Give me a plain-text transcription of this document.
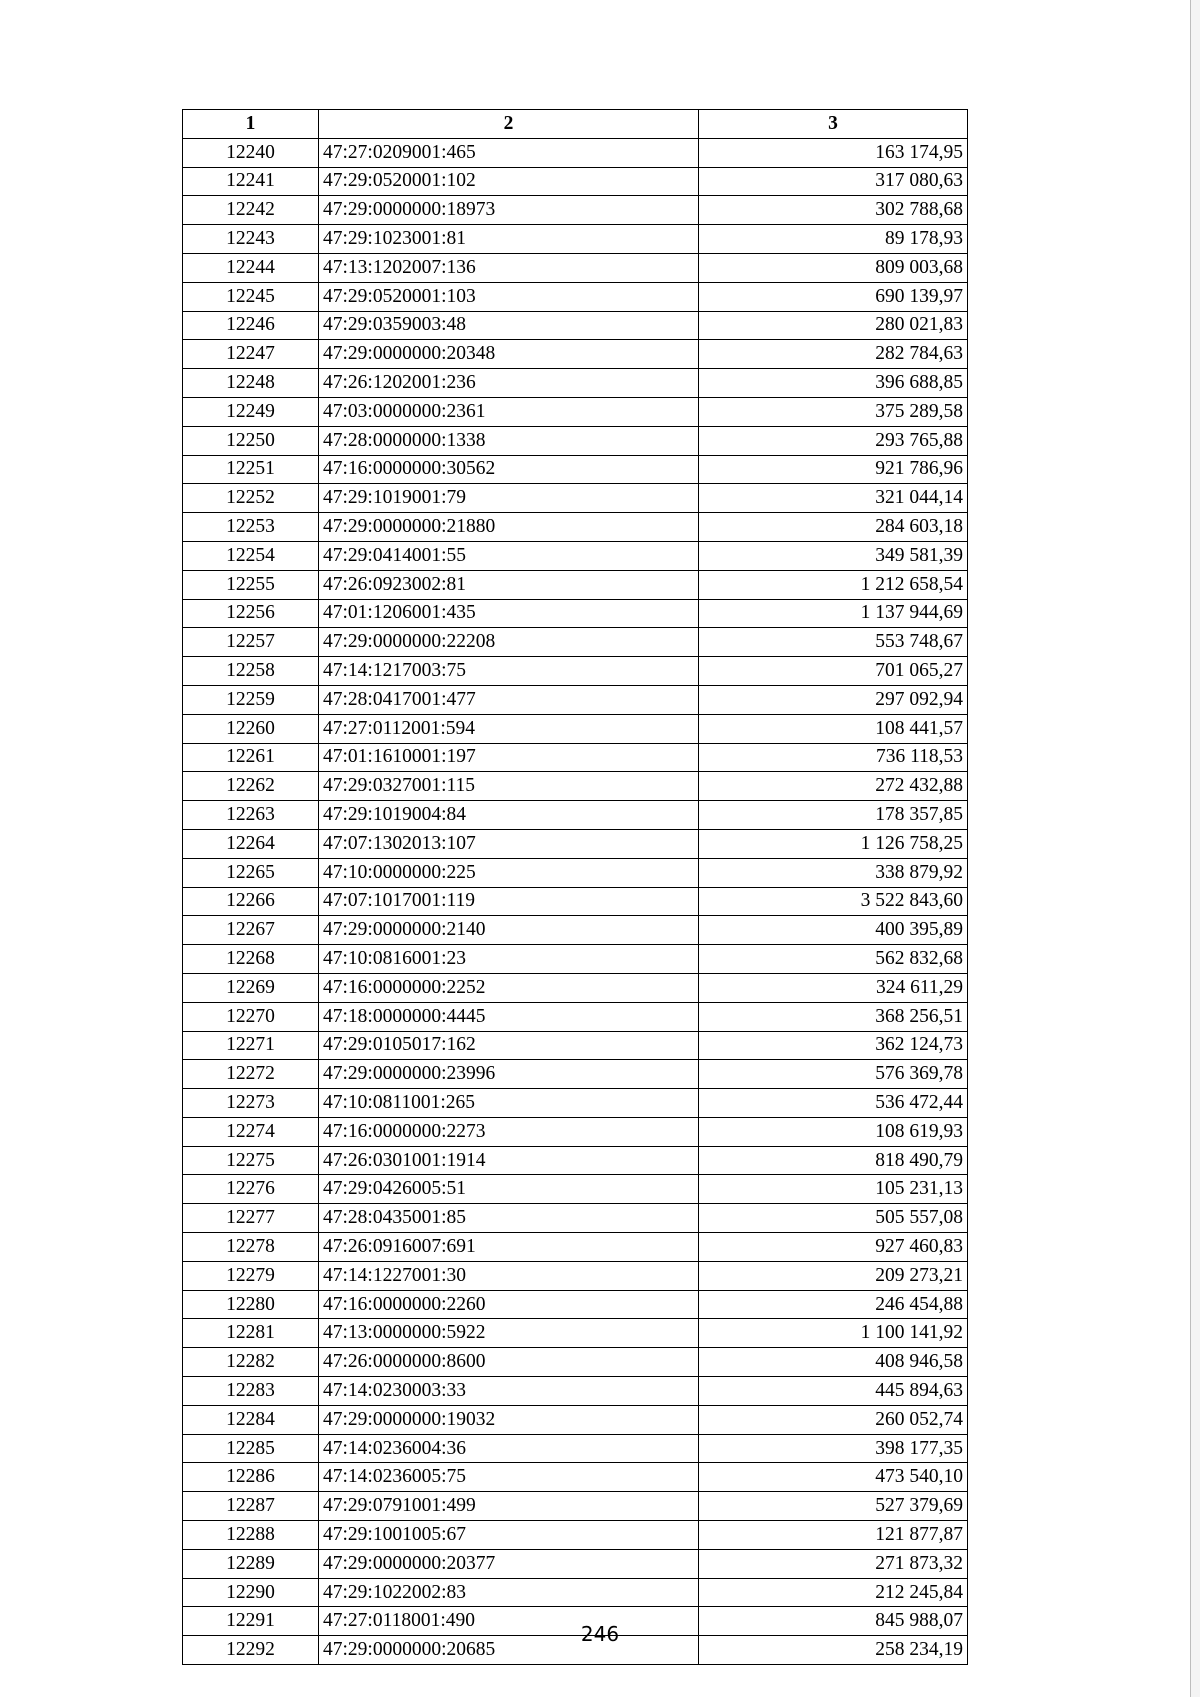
1	2	3
12240	47:27:0209001:465	163 174,95
12241	47:29:0520001:102	317 080,63
12242	47:29:0000000:18973	302 788,68
12243	47:29:1023001:81	89 178,93
12244	47:13:1202007:136	809 003,68
12245	47:29:0520001:103	690 139,97
12246	47:29:0359003:48	280 021,83
12247	47:29:0000000:20348	282 784,63
12248	47:26:1202001:236	396 688,85
12249	47:03:0000000:2361	375 289,58
12250	47:28:0000000:1338	293 765,88
12251	47:16:0000000:30562	921 786,96
12252	47:29:1019001:79	321 044,14
12253	47:29:0000000:21880	284 603,18
12254	47:29:0414001:55	349 581,39
12255	47:26:0923002:81	1 212 658,54
12256	47:01:1206001:435	1 137 944,69
12257	47:29:0000000:22208	553 748,67
12258	47:14:1217003:75	701 065,27
12259	47:28:0417001:477	297 092,94
12260	47:27:0112001:594	108 441,57
12261	47:01:1610001:197	736 118,53
12262	47:29:0327001:115	272 432,88
12263	47:29:1019004:84	178 357,85
12264	47:07:1302013:107	1 126 758,25
12265	47:10:0000000:225	338 879,92
12266	47:07:1017001:119	3 522 843,60
12267	47:29:0000000:2140	400 395,89
12268	47:10:0816001:23	562 832,68
12269	47:16:0000000:2252	324 611,29
12270	47:18:0000000:4445	368 256,51
12271	47:29:0105017:162	362 124,73
12272	47:29:0000000:23996	576 369,78
12273	47:10:0811001:265	536 472,44
12274	47:16:0000000:2273	108 619,93
12275	47:26:0301001:1914	818 490,79
12276	47:29:0426005:51	105 231,13
12277	47:28:0435001:85	505 557,08
12278	47:26:0916007:691	927 460,83
12279	47:14:1227001:30	209 273,21
12280	47:16:0000000:2260	246 454,88
12281	47:13:0000000:5922	1 100 141,92
12282	47:26:0000000:8600	408 946,58
12283	47:14:0230003:33	445 894,63
12284	47:29:0000000:19032	260 052,74
12285	47:14:0236004:36	398 177,35
12286	47:14:0236005:75	473 540,10
12287	47:29:0791001:499	527 379,69
12288	47:29:1001005:67	121 877,87
12289	47:29:0000000:20377	271 873,32
12290	47:29:1022002:83	212 245,84
12291	47:27:0118001:490	845 988,07
12292	47:29:0000000:20685	258 234,19
246
